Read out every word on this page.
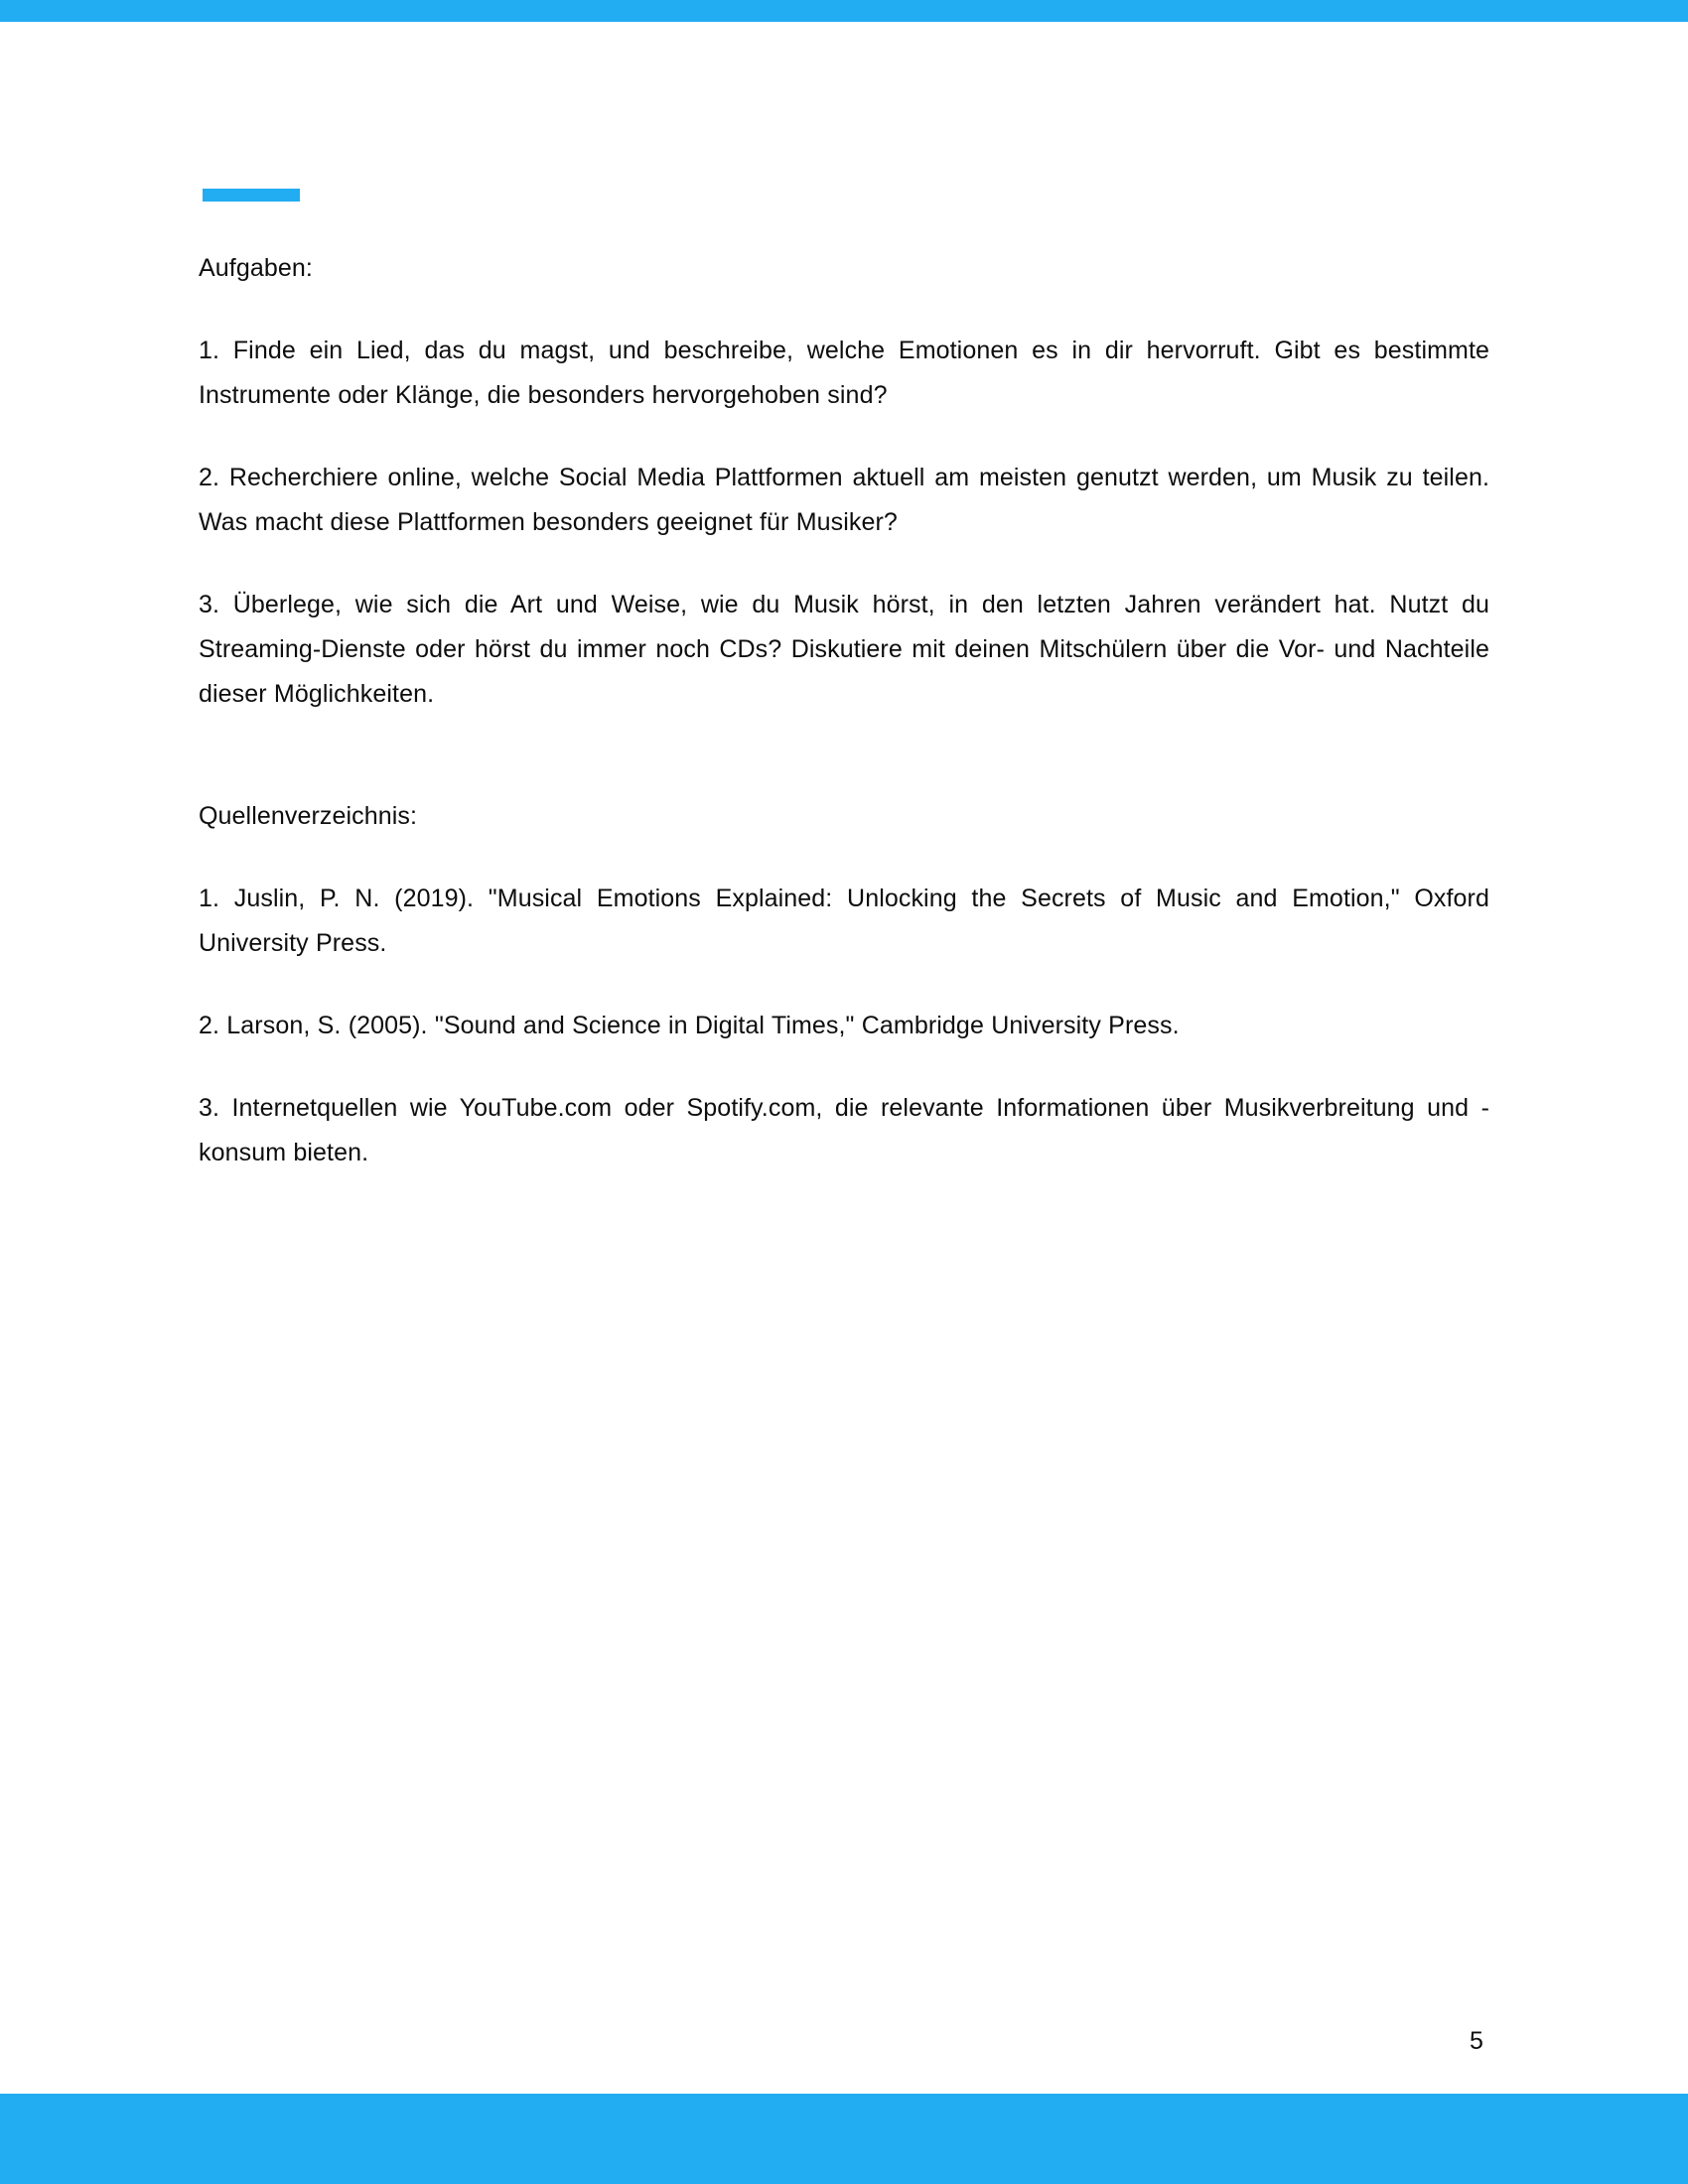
Aufgaben:

1. Finde ein Lied, das du magst, und beschreibe, welche Emotionen es in dir hervorruft. Gibt es bestimmte Instrumente oder Klänge, die besonders hervorgehoben sind?

2. Recherchiere online, welche Social Media Plattformen aktuell am meisten genutzt werden, um Musik zu teilen. Was macht diese Plattformen besonders geeignet für Musiker?

3. Überlege, wie sich die Art und Weise, wie du Musik hörst, in den letzten Jahren verändert hat. Nutzt du Streaming-Dienste oder hörst du immer noch CDs? Diskutiere mit deinen Mitschülern über die Vor- und Nachteile dieser Möglichkeiten.

Quellenverzeichnis:

1. Juslin, P. N. (2019). "Musical Emotions Explained: Unlocking the Secrets of Music and Emotion," Oxford University Press.

2. Larson, S. (2005). "Sound and Science in Digital Times," Cambridge University Press.

3. Internetquellen wie YouTube.com oder Spotify.com, die relevante Informationen über Musikverbreitung und -konsum bieten.

5
